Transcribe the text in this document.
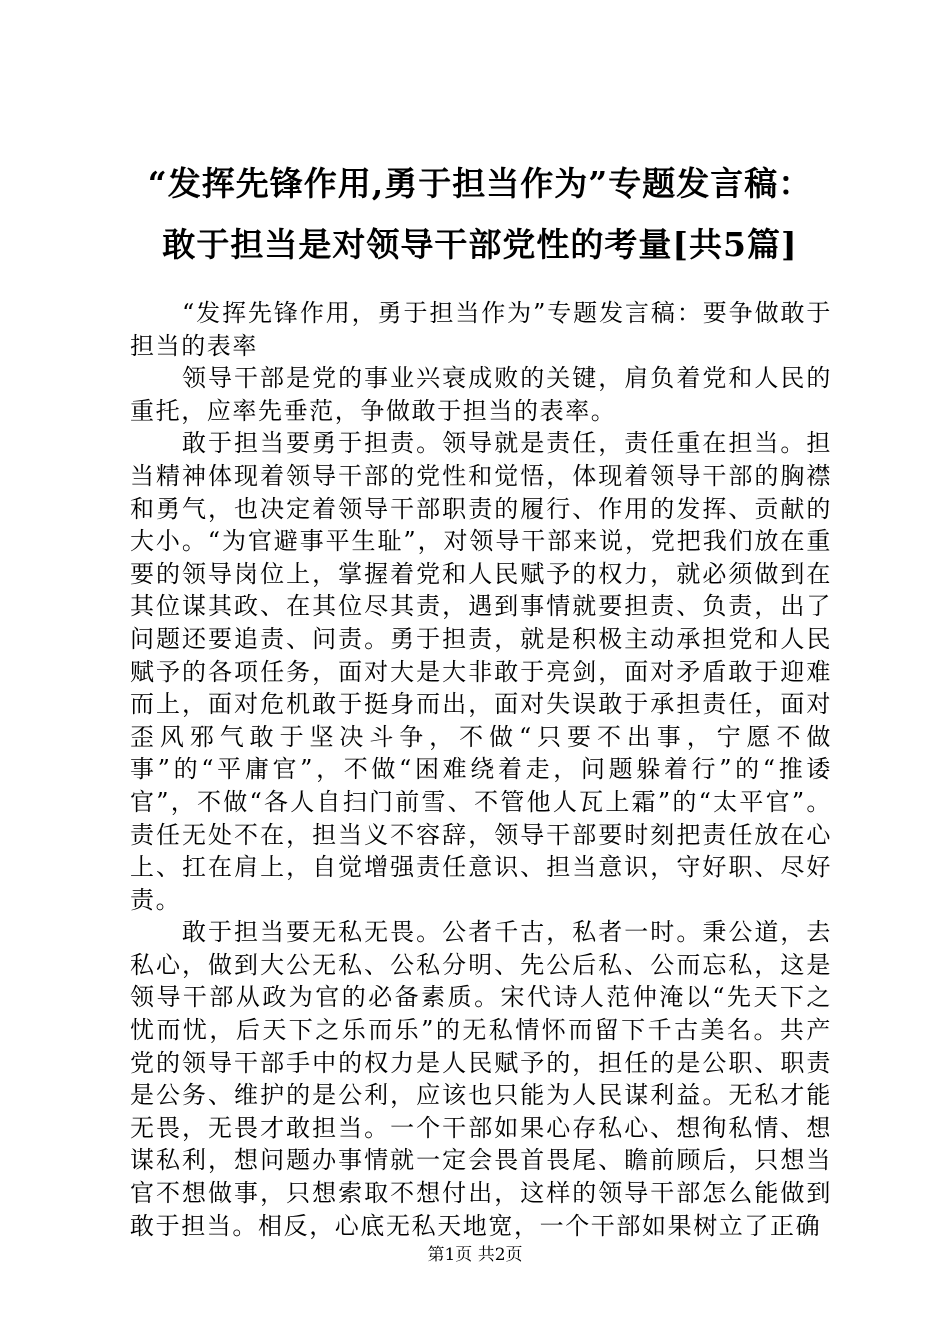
“发挥先锋作用,勇于担当作为”专题发言稿：
敢于担当是对领导干部党性的考量[共5篇]

“发挥先锋作用，勇于担当作为”专题发言稿：要争做敢于担当的表率

领导干部是党的事业兴衰成败的关键，肩负着党和人民的重托，应率先垂范，争做敢于担当的表率。

敢于担当要勇于担责。领导就是责任，责任重在担当。担当精神体现着领导干部的党性和觉悟，体现着领导干部的胸襟和勇气，也决定着领导干部职责的履行、作用的发挥、贡献的大小。“为官避事平生耻”，对领导干部来说，党把我们放在重要的领导岗位上，掌握着党和人民赋予的权力，就必须做到在其位谋其政、在其位尽其责，遇到事情就要担责、负责，出了问题还要追责、问责。勇于担责，就是积极主动承担党和人民赋予的各项任务，面对大是大非敢于亮剑，面对矛盾敢于迎难而上，面对危机敢于挺身而出，面对失误敢于承担责任，面对歪风邪气敢于坚决斗争，不做“只要不出事，宁愿不做事”的“平庸官”，不做“困难绕着走，问题躲着行”的“推诿官”，不做“各人自扫门前雪、不管他人瓦上霜”的“太平官”。责任无处不在，担当义不容辞，领导干部要时刻把责任放在心上、扛在肩上，自觉增强责任意识、担当意识，守好职、尽好责。

敢于担当要无私无畏。公者千古，私者一时。秉公道，去私心，做到大公无私、公私分明、先公后私、公而忘私，这是领导干部从政为官的必备素质。宋代诗人范仲淹以“先天下之忧而忧，后天下之乐而乐”的无私情怀而留下千古美名。共产党的领导干部手中的权力是人民赋予的，担任的是公职、职责是公务、维护的是公利，应该也只能为人民谋利益。无私才能无畏，无畏才敢担当。一个干部如果心存私心、想徇私情、想谋私利，想问题办事情就一定会畏首畏尾、瞻前顾后，只想当官不想做事，只想索取不想付出，这样的领导干部怎么能做到敢于担当。相反，心底无私天地宽，一个干部如果树立了正确

第1页 共2页
